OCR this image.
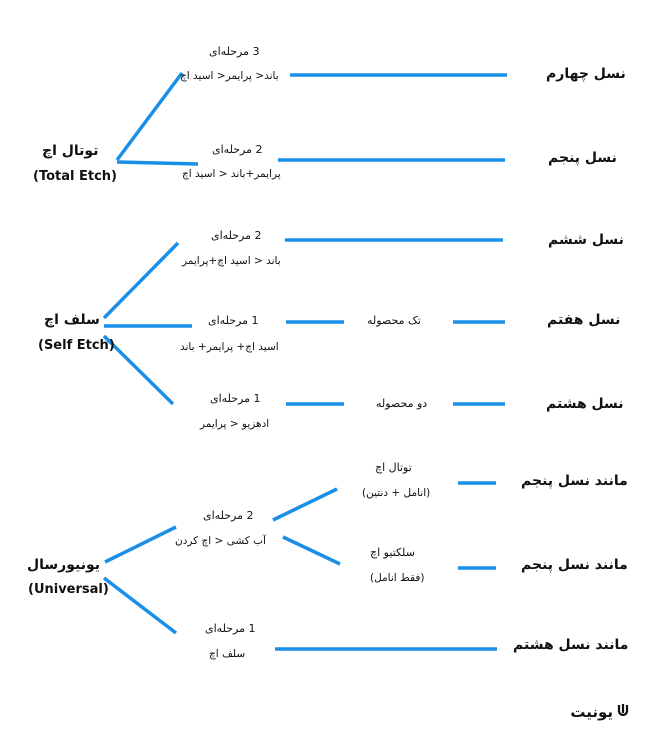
توتال اچ
(Total Etch)
3 مرحله‌ای
باند< پرایمر< اسید اچ	نسل چهارم
2 مرحله‌ای
پرایمر+باند < اسید اچ
نسل پنجم
سلف اچ
(Self Etch)
2 مرحله‌ای
باند < اسید اچ+پرایمر
نسل ششم
1 مرحله‌ای
اسید اچ+ پرایمر+ باند
تک محصوله	نسل هفتم
1 مرحله‌ای
ادهزیو < پرایمر
دو محصوله	نسل هشتم
یونیورسال
(Universal)
2 مرحله‌ای
آب کشی < اچ کردن
توتال اچ
(انامل + دنتین)
مانند نسل پنجم
سلکتیو اچ
(فقط انامل)
مانند نسل پنجم
1 مرحله‌ای
سلف اچ
مانند نسل هشتم
یونیت
